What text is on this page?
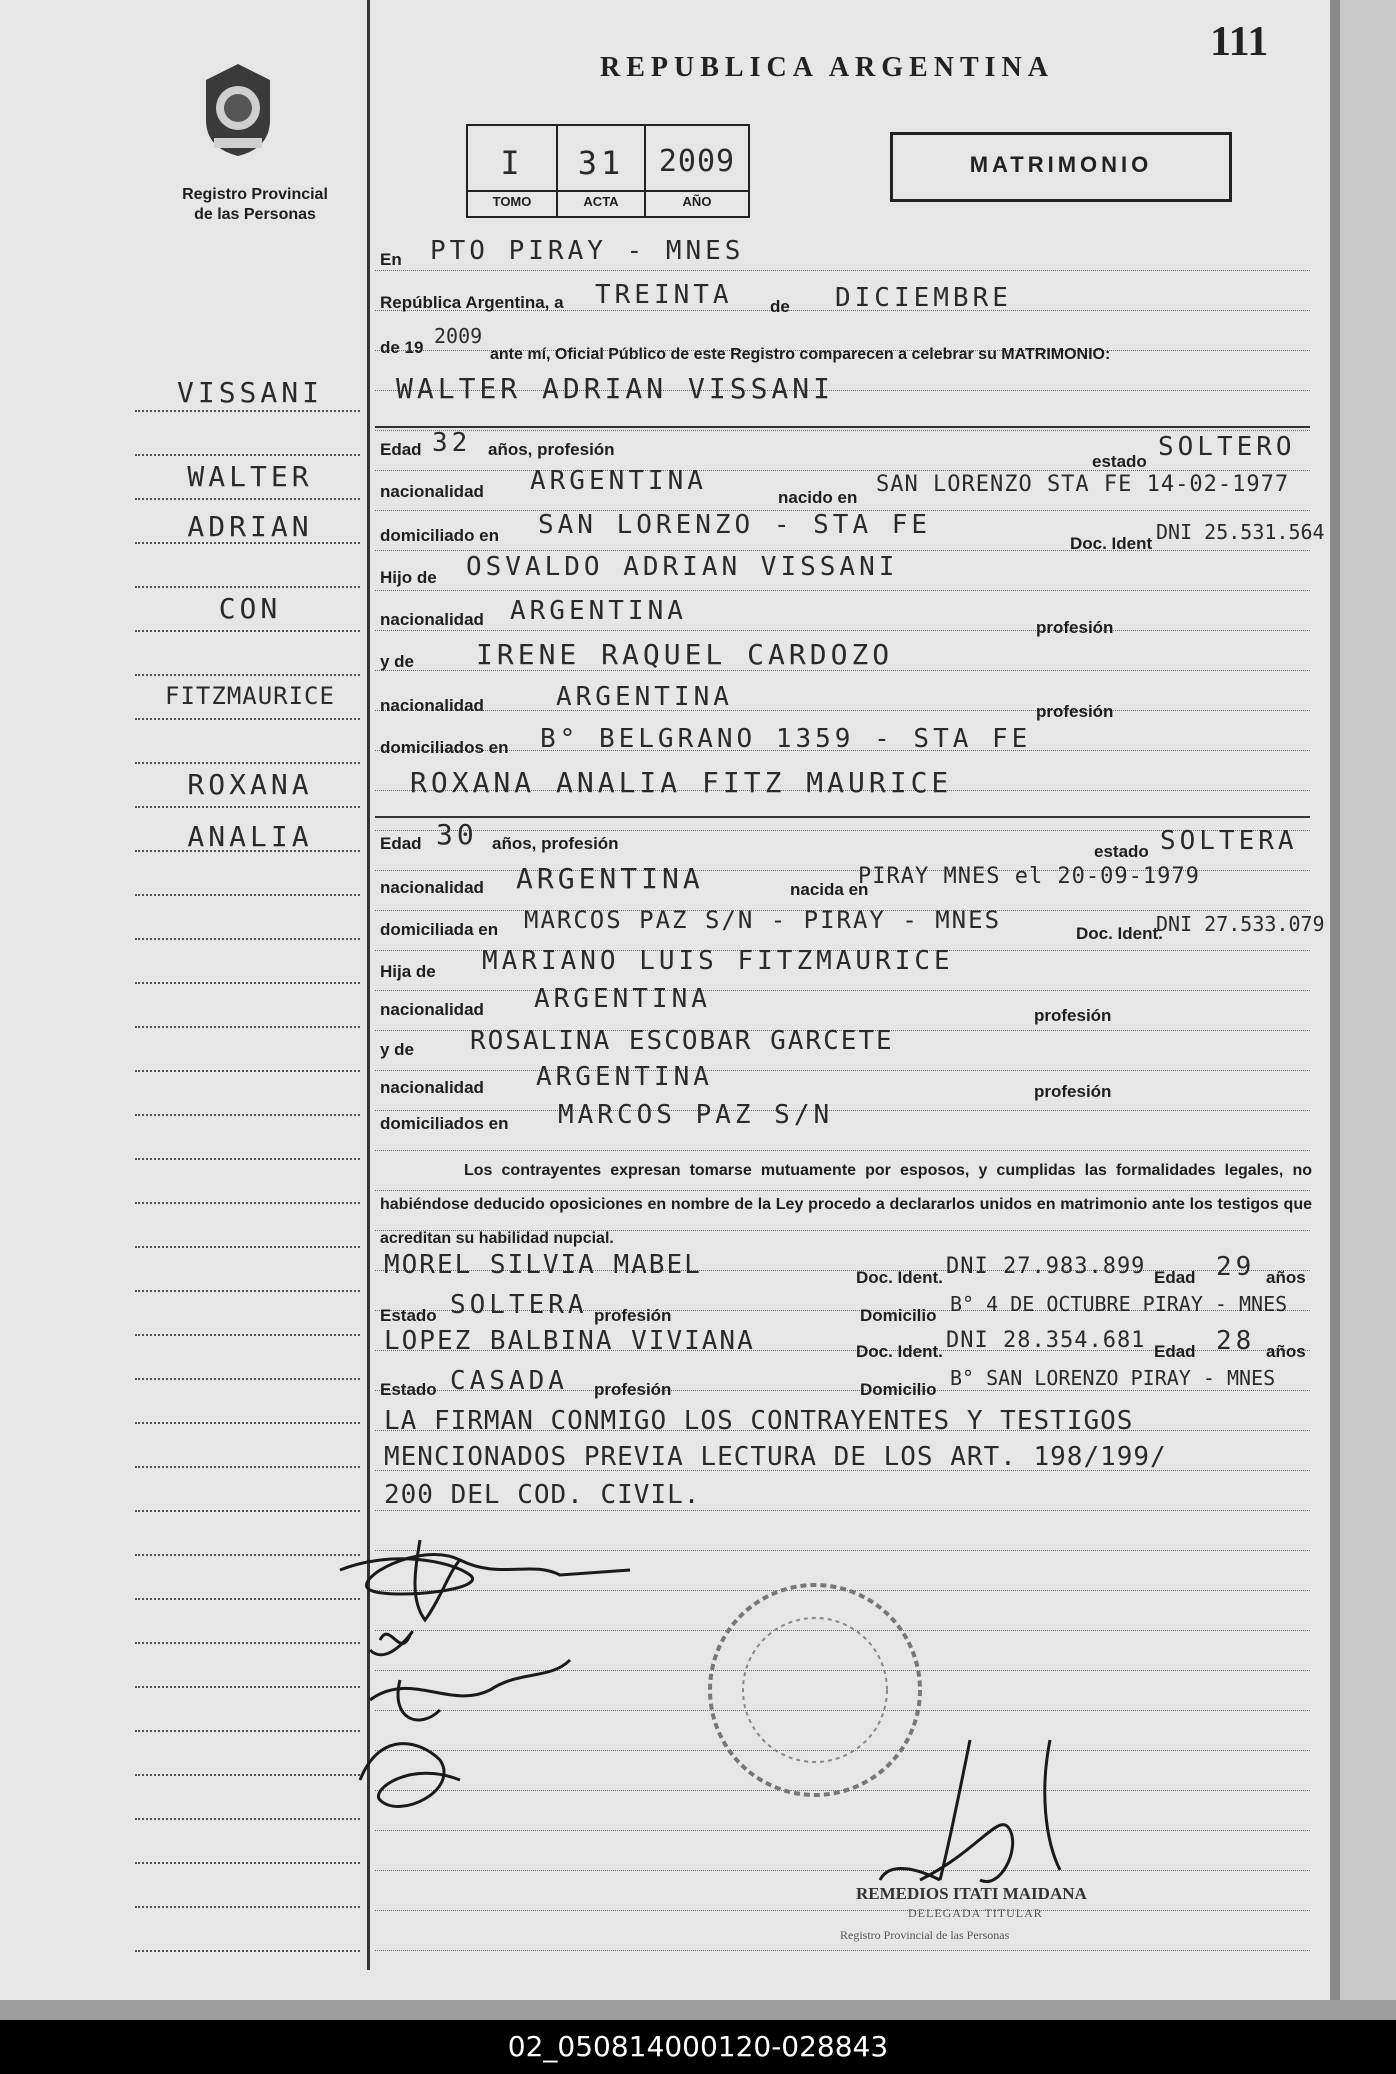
Registro Provincial
de las Personas
REPUBLICA ARGENTINA
111
I	31	2009
TOMO	ACTA	AÑO
MATRIMONIO
VISSANI
WALTER
ADRIAN
CON
FITZMAURICE
ROXANA
ANALIA
En PTO PIRAY - MNES
República Argentina, a TREINTA de DICIEMBRE
de 19 2009
ante mí, Oficial Público de este Registro comparecen a celebrar su MATRIMONIO:
WALTER ADRIAN VISSANI
Edad 32 años, profesión
estado SOLTERO
nacionalidad ARGENTINA
nacido en
SAN LORENZO STA FE 14-02-1977
domiciliado en SAN LORENZO - STA FE
Doc. Ident DNI 25.531.564
Hijo de OSVALDO ADRIAN VISSANI
nacionalidad ARGENTINA
profesión
y de IRENE RAQUEL CARDOZO
nacionalidad	ARGENTINA	profesión
domiciliados en B° BELGRANO 1359 - STA FE
ROXANA ANALIA FITZ MAURICE
Edad 30 años, profesión	estado SOLTERA
nacionalidad ARGENTINA	nacida en
PIRAY MNES el 20-09-1979
domiciliada en MARCOS PAZ S/N - PIRAY - MNES	Doc. Ident.
DNI 27.533.079
Hija de MARIANO LUIS FITZMAURICE
nacionalidad ARGENTINA
profesión
y de ROSALINA ESCOBAR GARCETE
nacionalidad ARGENTINA	profesión
domiciliados en MARCOS PAZ S/N
Los contrayentes expresan tomarse mutuamente por esposos, y cumplidas las formalidades legales, no habiéndose deducido oposiciones en nombre de la Ley procedo a declararlos unidos en matrimonio ante los testigos que acreditan su habilidad nupcial.
MOREL SILVIA MABEL	Doc. Ident. DNI 27.983.899 Edad 29 años
Estado SOLTERA profesión	Domicilio B° 4 DE OCTUBRE PIRAY - MNES
LOPEZ BALBINA VIVIANA	Doc. Ident. DNI 28.354.681 Edad 28 años
Estado CASADA profesión	Domicilio B° SAN LORENZO PIRAY - MNES
LA FIRMAN CONMIGO LOS CONTRAYENTES Y TESTIGOS
MENCIONADOS PREVIA LECTURA DE LOS ART. 198/199/
200 DEL COD. CIVIL.
REMEDIOS ITATI MAIDANA
DELEGADA TITULAR
Registro Provincial de las Personas
02_050814000120-028843
